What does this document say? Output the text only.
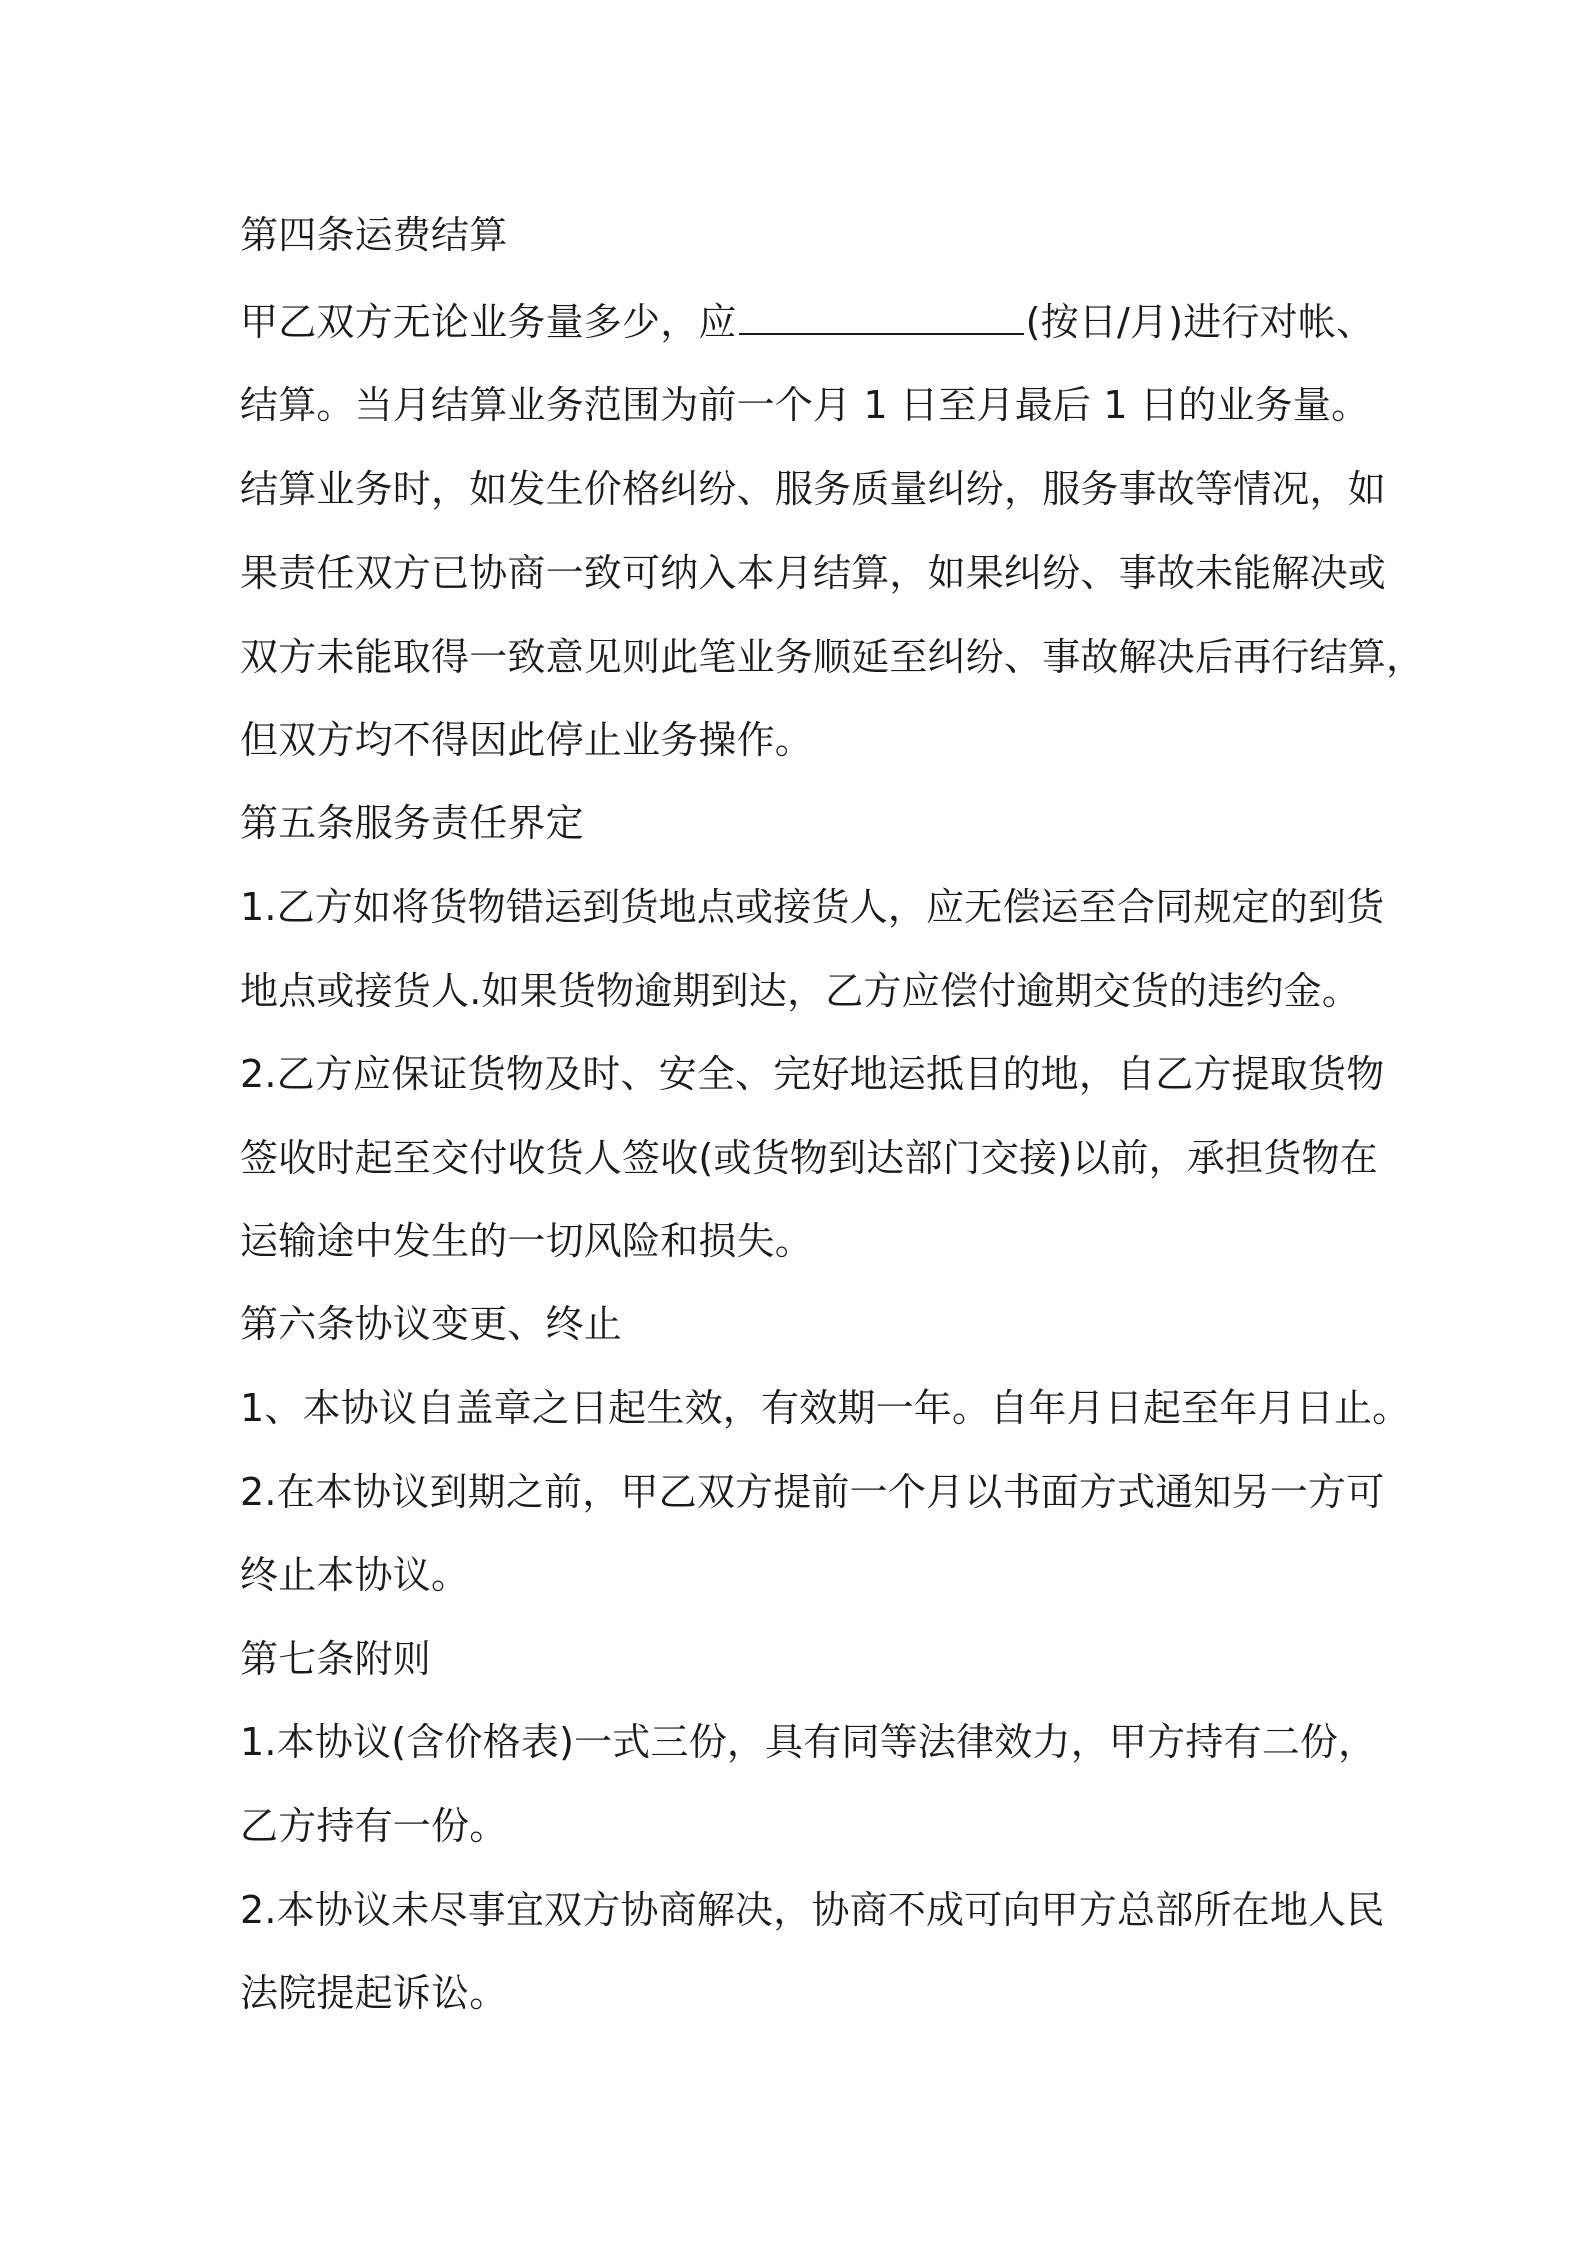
第四条运费结算
甲乙双方无论业务量多少，应	(按日/月)进行对帐、
结算。当月结算业务范围为前一个月 1 日至月最后 1 日的业务量。
结算业务时，如发生价格纠纷、服务质量纠纷，服务事故等情况，如
果责任双方已协商一致可纳入本月结算，如果纠纷、事故未能解决或
双方未能取得一致意见则此笔业务顺延至纠纷、事故解决后再行结算，
但双方均不得因此停止业务操作。
第五条服务责任界定
1.乙方如将货物错运到货地点或接货人，应无偿运至合同规定的到货
地点或接货人.如果货物逾期到达，乙方应偿付逾期交货的违约金。
2.乙方应保证货物及时、安全、完好地运抵目的地，自乙方提取货物
签收时起至交付收货人签收(或货物到达部门交接)以前，承担货物在
运输途中发生的一切风险和损失。
第六条协议变更、终止
1、本协议自盖章之日起生效，有效期一年。自年月日起至年月日止。
2.在本协议到期之前，甲乙双方提前一个月以书面方式通知另一方可
终止本协议。
第七条附则
1.本协议(含价格表)一式三份，具有同等法律效力，甲方持有二份，
乙方持有一份。
2.本协议未尽事宜双方协商解决，协商不成可向甲方总部所在地人民
法院提起诉讼。
